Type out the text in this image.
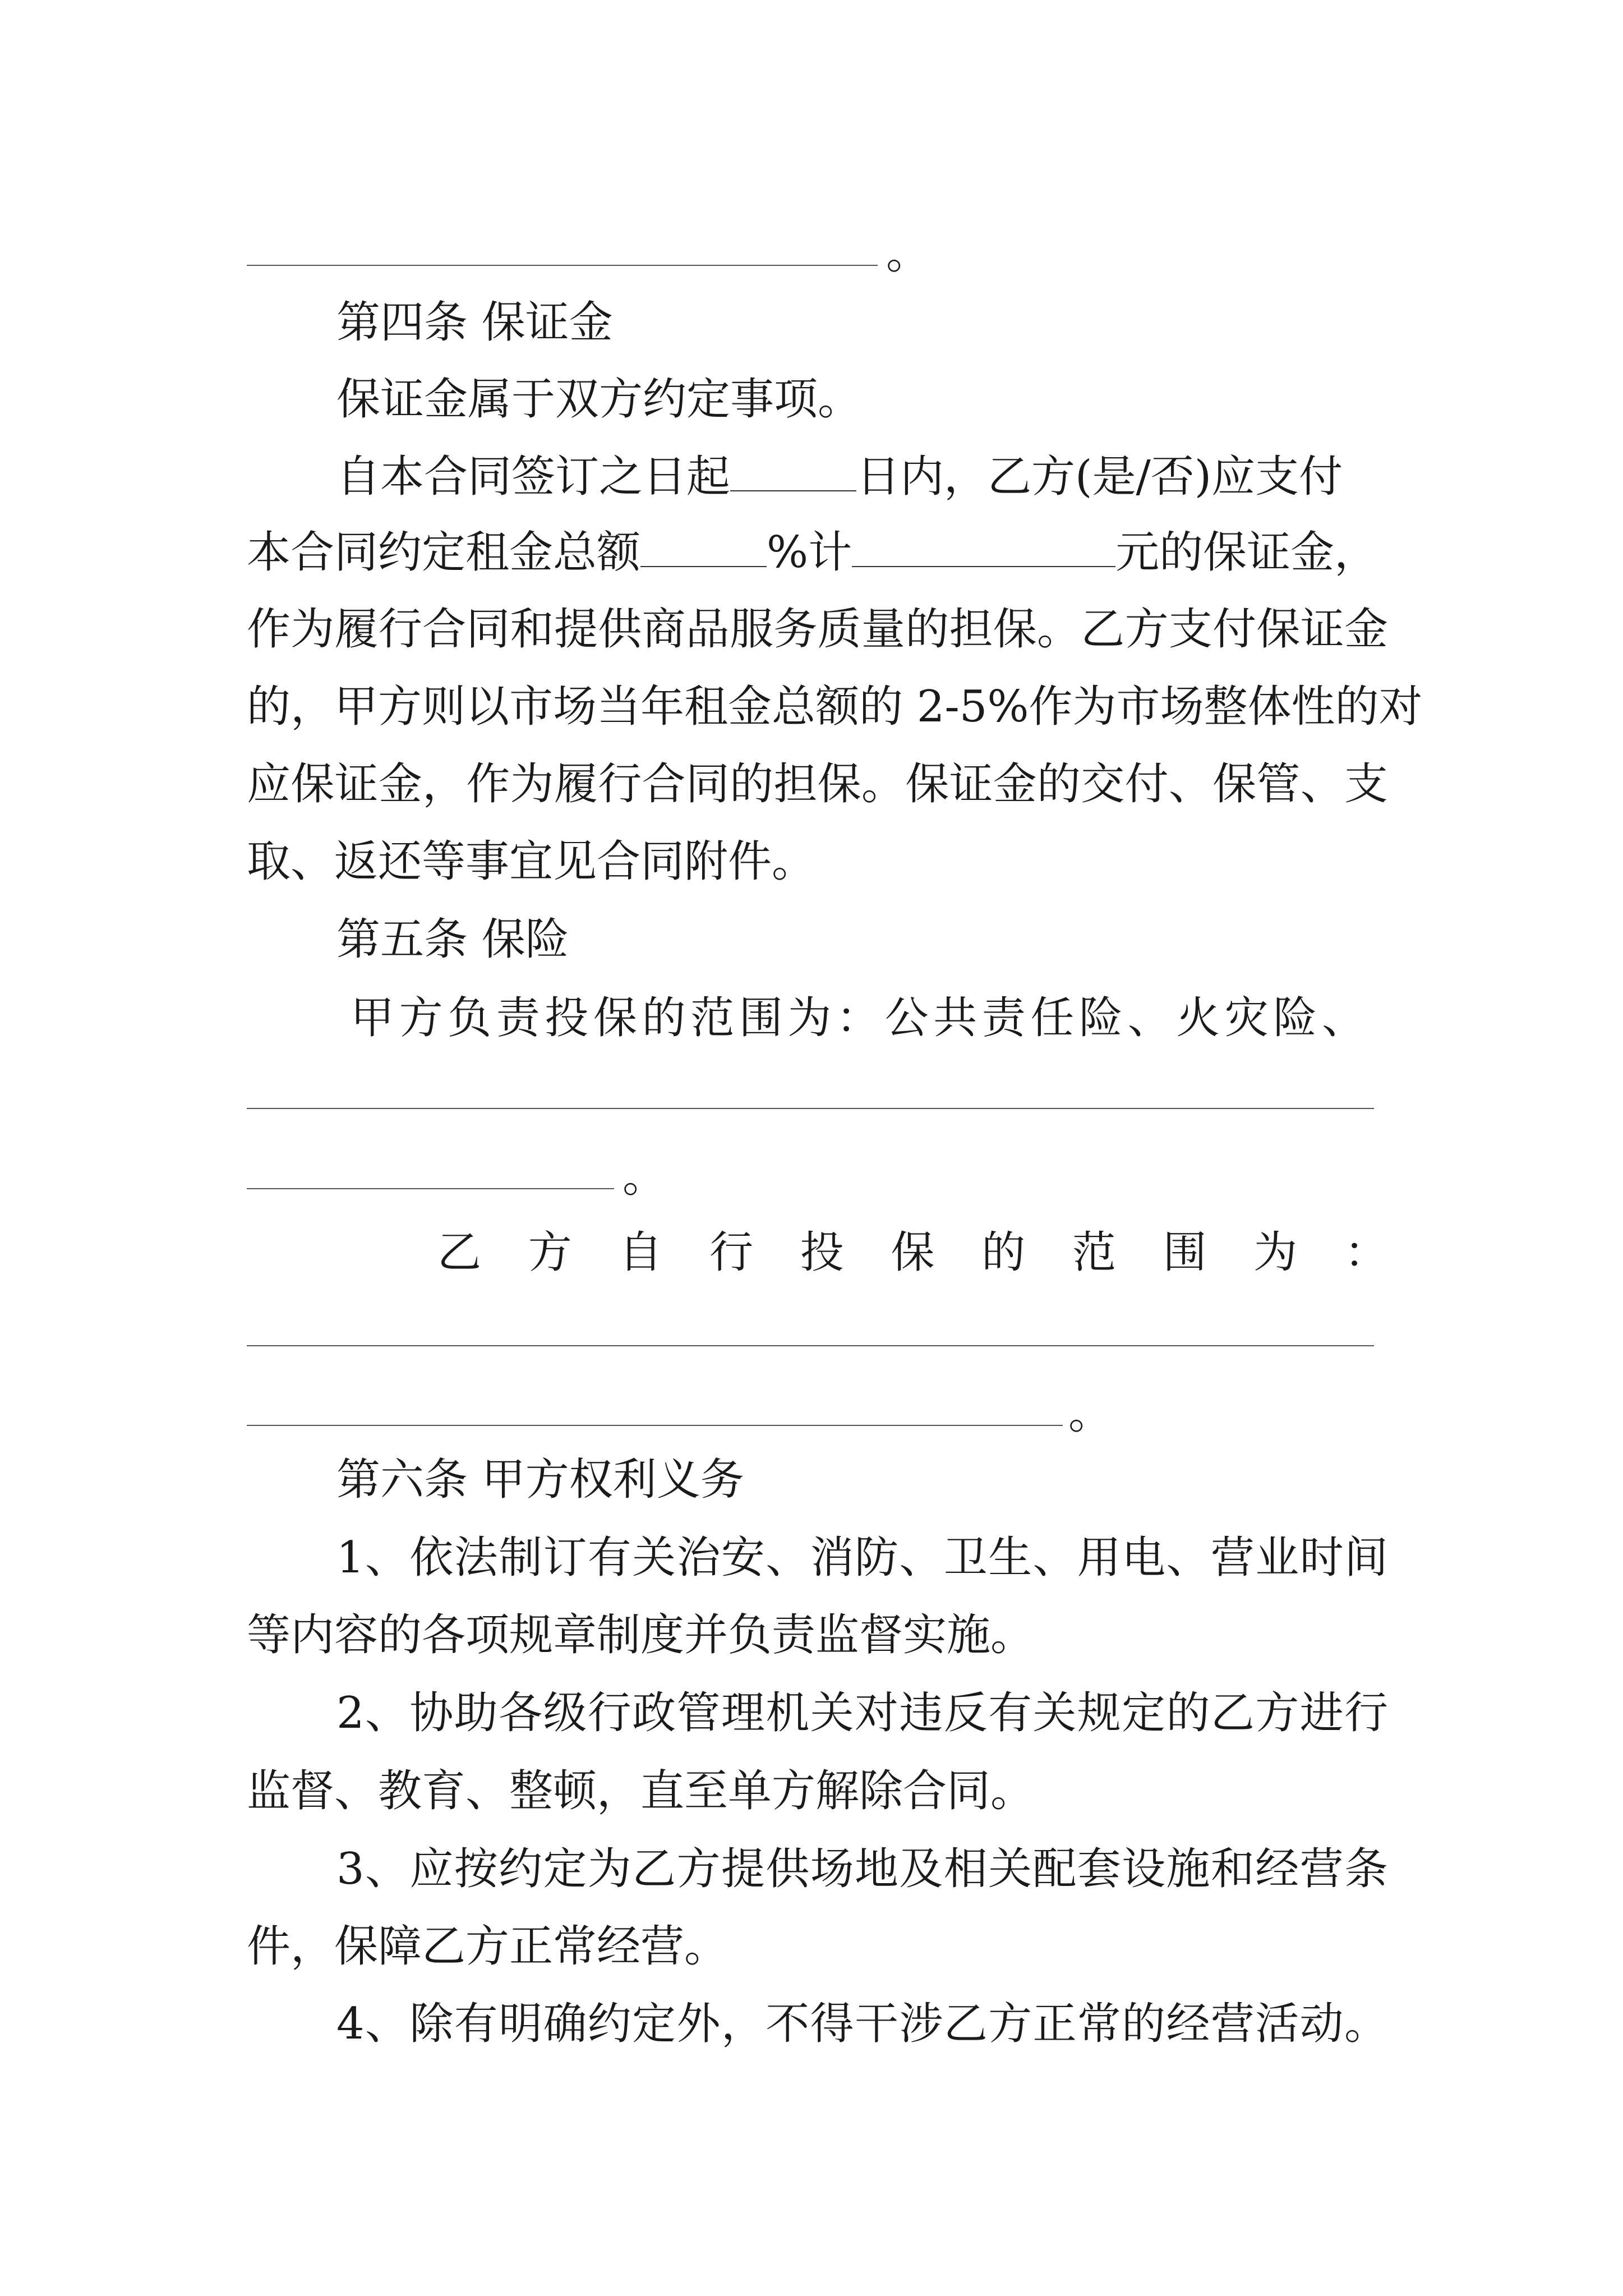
。
第四条 保证金
保证金属于双方约定事项。
自本合同签订之日起	日内，乙方(是/否)应支付
本合同约定租金总额	%计	元的保证金，
作为履行合同和提供商品服务质量的担保。乙方支付保证金
的，甲方则以市场当年租金总额的 2-5%作为市场整体性的对
应保证金，作为履行合同的担保。保证金的交付、保管、支
取、返还等事宜见合同附件。
第五条 保险
甲方负责投保的范围为：公共责任险、火灾险、
。
乙 方 自 行 投 保 的 范 围 为 ：
。
第六条 甲方权利义务
1、依法制订有关治安、消防、卫生、用电、营业时间
等内容的各项规章制度并负责监督实施。
2、协助各级行政管理机关对违反有关规定的乙方进行
监督、教育、整顿，直至单方解除合同。
3、应按约定为乙方提供场地及相关配套设施和经营条
件，保障乙方正常经营。
4、除有明确约定外，不得干涉乙方正常的经营活动。
